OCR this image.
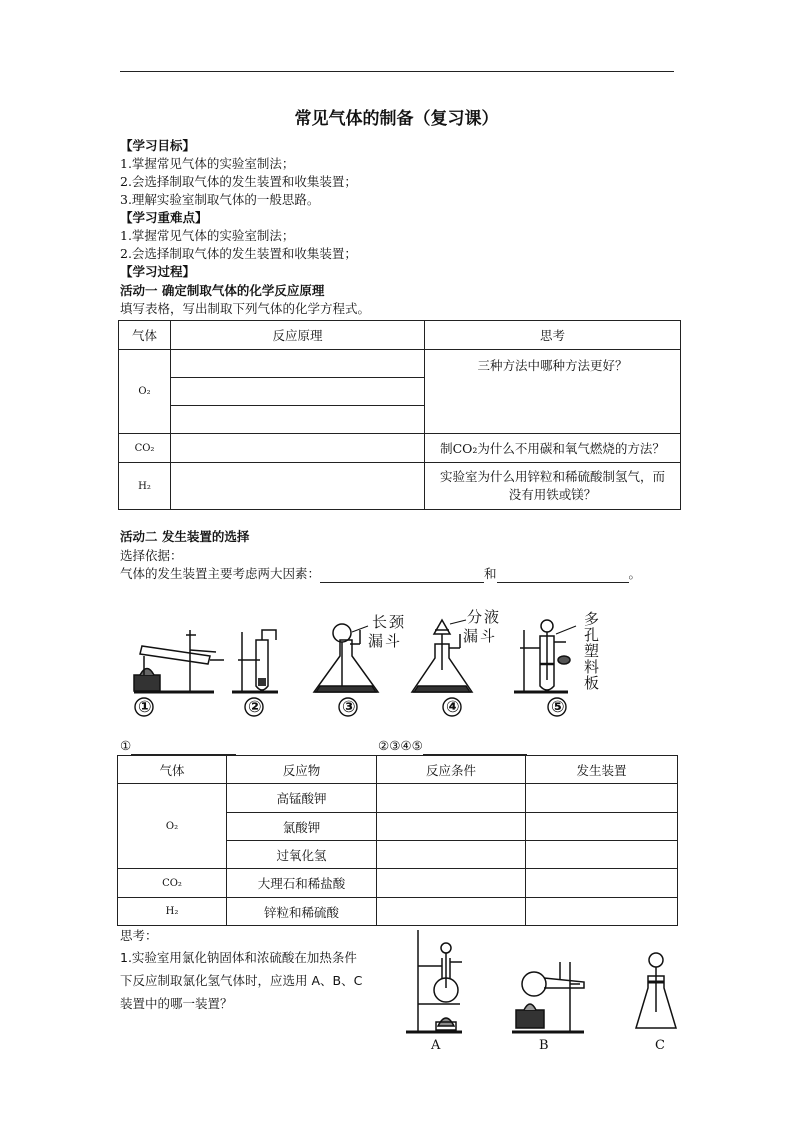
常见气体的制备（复习课）
【学习目标】
1.掌握常见气体的实验室制法；
2.会选择制取气体的发生装置和收集装置；
3.理解实验室制取气体的一般思路。
【学习重难点】
1.掌握常见气体的实验室制法；
2.会选择制取气体的发生装置和收集装置；
【学习过程】
活动一 确定制取气体的化学反应原理
填写表格，写出制取下列气体的化学方程式。
气体	反应原理	思考
O₂		三种方法中哪种方法更好？

CO₂		制CO₂为什么不用碳和氧气燃烧的方法？
H₂		实验室为什么用锌粒和稀硫酸制氢气，而
没有用铁或镁？
活动二 发生装置的选择
选择依据：
气体的发生装置主要考虑两大因素：	和	。
长颈
漏斗
分液
漏斗
多
孔
塑
料
板
①	②	③	④	⑤
①	②③④⑤
气体	反应物	反应条件	发生装置
O₂	高锰酸钾		
	氯酸钾		
	过氧化氢		
CO₂	大理石和稀盐酸		
H₂	锌粒和稀硫酸		
思考：
1.实验室用氯化钠固体和浓硫酸在加热条件
下反应制取氯化氢气体时，应选用 A、B、C
装置中的哪一装置？
A	B	C
